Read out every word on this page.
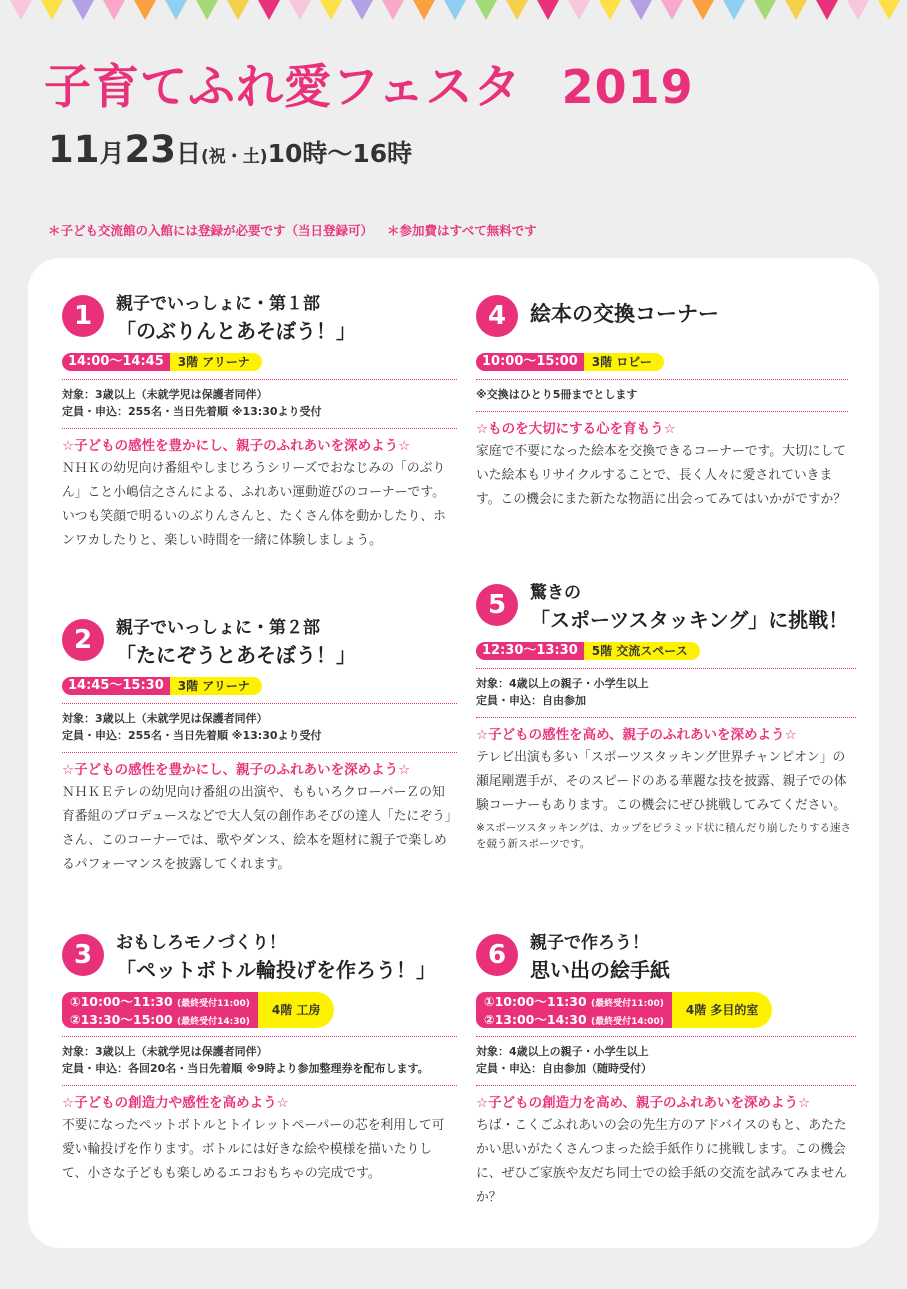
子育てふれ愛フェスタ 2019
11月23日(祝・土)10時〜16時
＊子ども交流館の入館には登録が必要です（当日登録可） ＊参加費はすべて無料です
1	親子でいっしょに・第１部
「のぶりんとあそぼう！」
14:00〜14:45	3階 アリーナ
対象：3歳以上（未就学児は保護者同伴）
定員・申込：255名・当日先着順 ※13:30より受付
☆子どもの感性を豊かにし、親子のふれあいを深めよう☆
ＮＨＫの幼児向け番組やしまじろうシリーズでおなじみの「のぶりん」こと小嶋信之さんによる、ふれあい運動遊びのコーナーです。いつも笑顔で明るいのぶりんさんと、たくさん体を動かしたり、ホンワカしたりと、楽しい時間を一緒に体験しましょう。
2	親子でいっしょに・第２部
「たにぞうとあそぼう！」
14:45〜15:30	3階 アリーナ
対象：3歳以上（未就学児は保護者同伴）
定員・申込：255名・当日先着順 ※13:30より受付
☆子どもの感性を豊かにし、親子のふれあいを深めよう☆
ＮＨＫＥテレの幼児向け番組の出演や、ももいろクローバーＺの知育番組のプロデュースなどで大人気の創作あそびの達人「たにぞう」さん、このコーナーでは、歌やダンス、絵本を題材に親子で楽しめるパフォーマンスを披露してくれます。
3	おもしろモノづくり！
「ペットボトル輪投げを作ろう！」
①10:00〜11:30 (最終受付11:00)
②13:30〜15:00 (最終受付14:30)
4階 工房
対象：3歳以上（未就学児は保護者同伴）
定員・申込：各回20名・当日先着順 ※9時より参加整理券を配布します。
☆子どもの創造力や感性を高めよう☆
不要になったペットボトルとトイレットペーパーの芯を利用して可愛い輪投げを作ります。ボトルには好きな絵や模様を描いたりして、小さな子どもも楽しめるエコおもちゃの完成です。
4	絵本の交換コーナー
10:00〜15:00	3階 ロビー
※交換はひとり5冊までとします
☆ものを大切にする心を育もう☆
家庭で不要になった絵本を交換できるコーナーです。大切にしていた絵本もリサイクルすることで、長く人々に愛されていきます。この機会にまた新たな物語に出会ってみてはいかがですか？
5	驚きの
「スポーツスタッキング」に挑戦！
12:30〜13:30	5階 交流スペース
対象：4歳以上の親子・小学生以上
定員・申込：自由参加
☆子どもの感性を高め、親子のふれあいを深めよう☆
テレビ出演も多い「スポーツスタッキング世界チャンピオン」の瀬尾剛選手が、そのスピードのある華麗な技を披露、親子での体験コーナーもあります。この機会にぜひ挑戦してみてください。
※スポーツスタッキングは、カップをピラミッド状に積んだり崩したりする速さを競う新スポーツです。
6	親子で作ろう！
思い出の絵手紙
①10:00〜11:30 (最終受付11:00)
②13:00〜14:30 (最終受付14:00)
4階 多目的室
対象：4歳以上の親子・小学生以上
定員・申込：自由参加（随時受付）
☆子どもの創造力を高め、親子のふれあいを深めよう☆
ちば・こくごふれあいの会の先生方のアドバイスのもと、あたたかい思いがたくさんつまった絵手紙作りに挑戦します。この機会に、ぜひご家族や友だち同士での絵手紙の交流を試みてみませんか？
